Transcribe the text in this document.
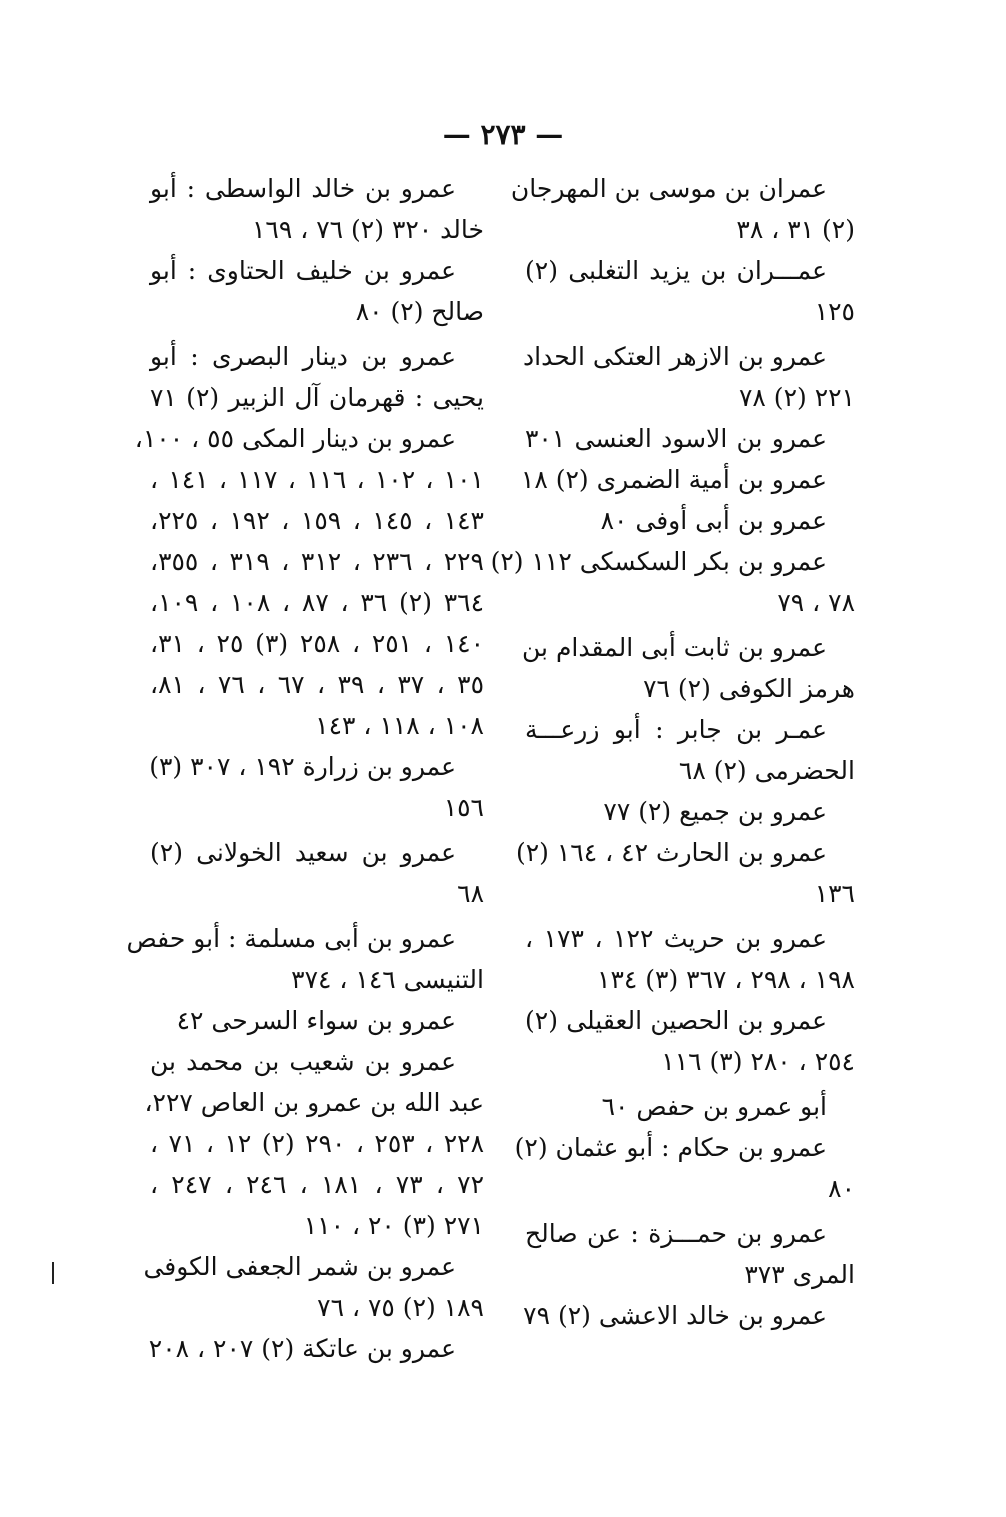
— ٢٧٣ —
عمران بن موسى بن المهرجان
(٢) ٣١ ، ٣٨
عمـــران بن يزيد التغلبى (٢)
١٢٥
عمرو بن الازهر العتكى الحداد
٢٢١ (٢) ٧٨
عمرو بن الاسود العنسى ٣٠١
عمرو بن أمية الضمرى (٢) ١٨
عمرو بن أبى أوفى ٨٠
عمرو بن بكر السكسكى ١١٢ (٢)
٧٨ ، ٧٩
عمرو بن ثابت أبى المقدام بن
هرمز الكوفى (٢) ٧٦
عمـر بن جابر : أبو زرعـــة
الحضرمى (٢) ٦٨
عمرو بن جميع (٢) ٧٧
عمرو بن الحارث ٤٢ ، ١٦٤ (٢)
١٣٦
عمرو بن حريث ١٢٢ ، ١٧٣ ،
١٩٨ ، ٢٩٨ ، ٣٦٧ (٣) ١٣٤
عمرو بن الحصين العقيلى (٢)
٢٥٤ ، ٢٨٠ (٣) ١١٦
أبو عمرو بن حفص ٦٠
عمرو بن حكام : أبو عثمان (٢)
٨٠
عمرو بن حمـــزة : عن صالح
المرى ٣٧٣
عمرو بن خالد الاعشى (٢) ٧٩
عمرو بن خالد الواسطى : أبو
خالد ٣٢٠ (٢) ٧٦ ، ١٦٩
عمرو بن خليف الحتاوى : أبو
صالح (٢) ٨٠
عمرو بن دينار البصرى : أبو
يحيى : قهرمان آل الزبير (٢) ٧١
عمرو بن دينار المكى ٥٥ ، ١٠٠،
١٠١ ، ١٠٢ ، ١١٦ ، ١١٧ ، ١٤١ ،
١٤٣ ، ١٤٥ ، ١٥٩ ، ١٩٢ ، ٢٢٥،
٢٢٩ ، ٢٣٦ ، ٣١٢ ، ٣١٩ ، ٣٥٥،
٣٦٤ (٢) ٣٦ ، ٨٧ ، ١٠٨ ، ١٠٩،
١٤٠ ، ٢٥١ ، ٢٥٨ (٣) ٢٥ ، ٣١،
٣٥ ، ٣٧ ، ٣٩ ، ٦٧ ، ٧٦ ، ٨١،
١٠٨ ، ١١٨ ، ١٤٣
عمرو بن زرارة ١٩٢ ، ٣٠٧ (٣)
١٥٦
عمرو بن سعيد الخولانى (٢)
٦٨
عمرو بن أبى مسلمة : أبو حفص
التنيسى ١٤٦ ، ٣٧٤
عمرو بن سواء السرحى ٤٢
عمرو بن شعيب بن محمد بن
عبد الله بن عمرو بن العاص ٢٢٧،
٢٢٨ ، ٢٥٣ ، ٢٩٠ (٢) ١٢ ، ٧١ ،
٧٢ ، ٧٣ ، ١٨١ ، ٢٤٦ ، ٢٤٧ ،
٢٧١ (٣) ٢٠ ، ١١٠
عمرو بن شمر الجعفى الكوفى
١٨٩ (٢) ٧٥ ، ٧٦
عمرو بن عاتكة (٢) ٢٠٧ ، ٢٠٨
